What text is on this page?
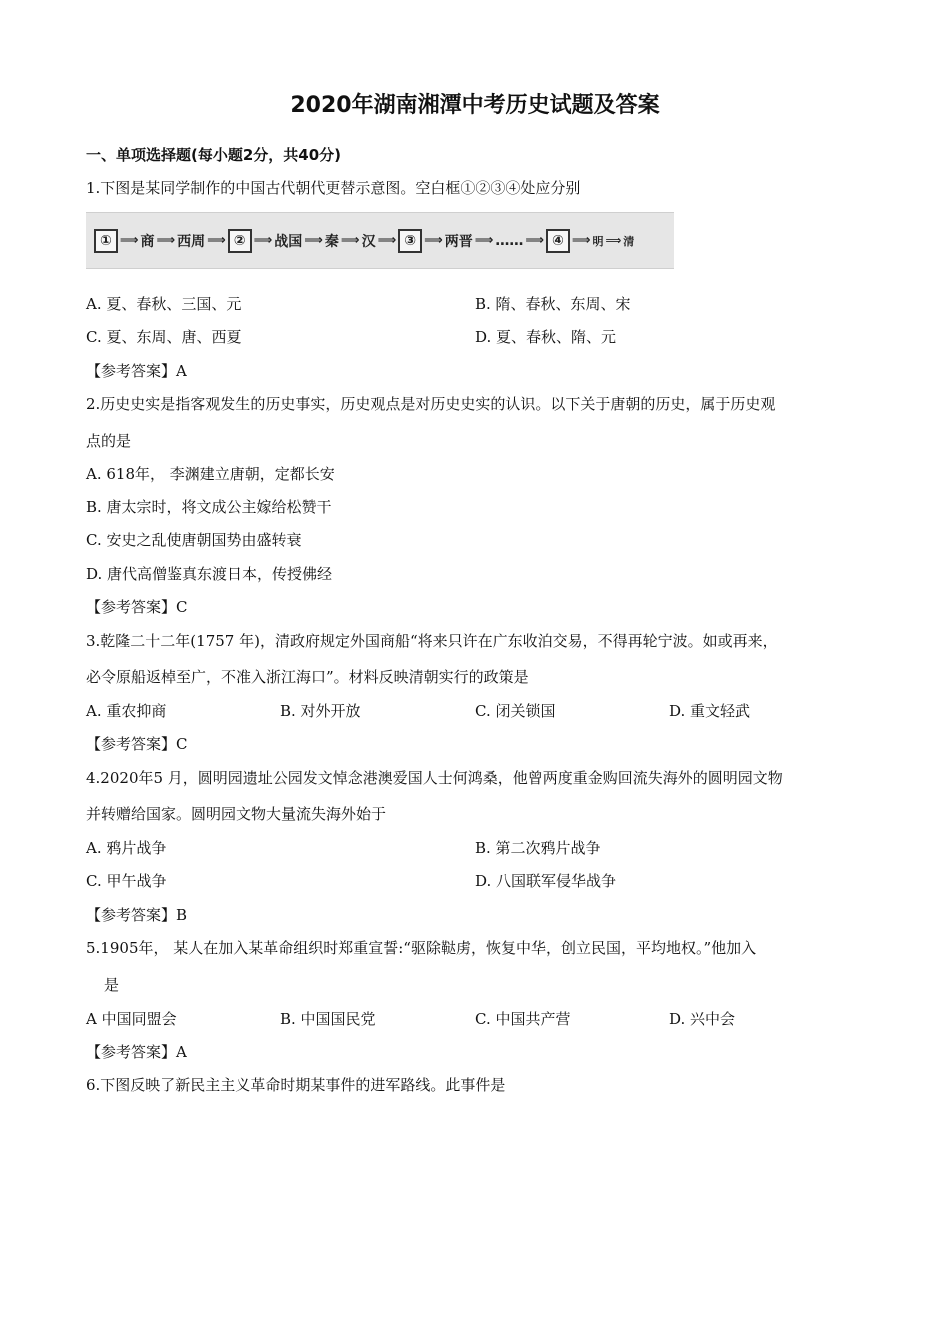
2020年湖南湘潭中考历史试题及答案
一、单项选择题(每小题2分，共40分)
1.下图是某同学制作的中国古代朝代更替示意图。空白框①②③④处应分别
① ⟹ 商 ⟹ 西周 ⟹ ② ⟹ 战国 ⟹ 秦 ⟹ 汉 ⟹ ③ ⟹ 两晋 ⟹ …… ⟹ ④ ⟹ 明 ⟹ 清
A. 夏、春秋、三国、元	B. 隋、春秋、东周、宋
C. 夏、东周、唐、西夏	D. 夏、春秋、隋、元
【参考答案】A
2.历史史实是指客观发生的历史事实，历史观点是对历史史实的认识。以下关于唐朝的历史，属于历史观
点的是
A. 618年， 李渊建立唐朝，定都长安
B. 唐太宗时，将文成公主嫁给松赞干
C. 安史之乱使唐朝国势由盛转衰
D. 唐代高僧鉴真东渡日本，传授佛经
【参考答案】C
3.乾隆二十二年(1757 年)，清政府规定外国商船“将来只许在广东收泊交易，不得再轮宁波。如或再来，
必令原船返棹至广，不准入浙江海口”。材料反映清朝实行的政策是
A. 重农抑商	B. 对外开放	C. 闭关锁国	D. 重文轻武
【参考答案】C
4.2020年5 月，圆明园遗址公园发文悼念港澳爱国人士何鸿桑，他曾两度重金购回流失海外的圆明园文物
并转赠给国家。圆明园文物大量流失海外始于
A. 鸦片战争	B. 第二次鸦片战争
C. 甲午战争	D. 八国联军侵华战争
【参考答案】B
5.1905年， 某人在加入某革命组织时郑重宣誓:“驱除鞑虏，恢复中华，创立民国，平均地权。”他加入
是
A 中国同盟会	B. 中国国民党	C. 中国共产营	D. 兴中会
【参考答案】A
6.下图反映了新民主主义革命时期某事件的进军路线。此事件是
